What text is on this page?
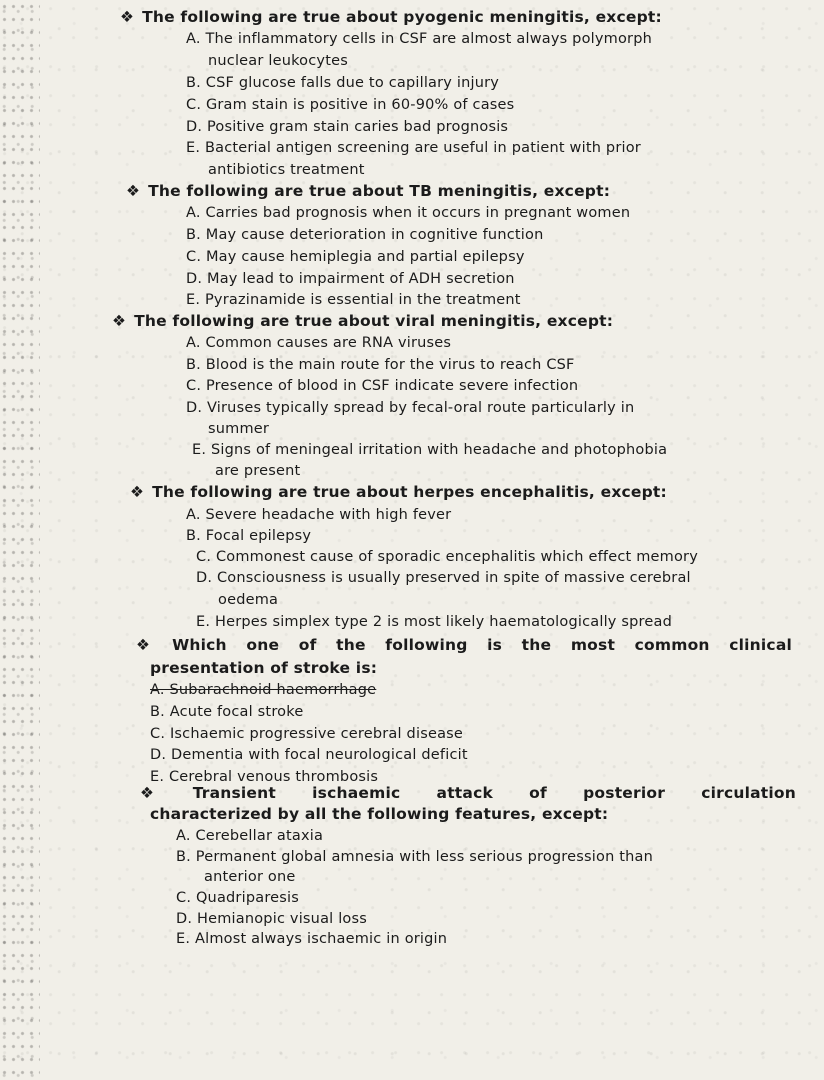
❖ The following are true about pyogenic meningitis, except:

A. The inflammatory cells in CSF are almost always polymorph

nuclear leukocytes

B. CSF glucose falls due to capillary injury

C. Gram stain is positive in 60-90% of cases

D. Positive gram stain caries bad prognosis

E. Bacterial antigen screening are useful in patient with prior

antibiotics treatment

❖ The following are true about TB meningitis, except:

A. Carries bad prognosis when it occurs in pregnant women

B. May cause deterioration in cognitive function

C. May cause hemiplegia and partial epilepsy

D. May lead to impairment of ADH secretion

E. Pyrazinamide is essential in the treatment

❖ The following are true about viral meningitis, except:

A. Common causes are RNA viruses

B. Blood is the main route for the virus to reach CSF

C. Presence of blood in CSF indicate severe infection

D. Viruses typically spread by fecal-oral route particularly in

summer

E. Signs of meningeal irritation with headache and photophobia

are present

❖ The following are true about herpes encephalitis, except:

A. Severe headache with high fever

B. Focal epilepsy

C. Commonest cause of sporadic encephalitis which effect memory

D. Consciousness is usually preserved in spite of massive cerebral

oedema

E. Herpes simplex type 2 is most likely haematologically spread

❖ Which one of the following is the most common clinical

presentation of stroke is:

A. Subarachnoid haemorrhage

B. Acute focal stroke

C. Ischaemic progressive cerebral disease

D. Dementia with focal neurological deficit

E. Cerebral venous thrombosis

❖ Transient ischaemic attack of posterior circulation

characterized by all the following features, except:

A. Cerebellar ataxia

B. Permanent global amnesia with less serious progression than

anterior one

C. Quadriparesis

D. Hemianopic visual loss

E. Almost always ischaemic in origin
